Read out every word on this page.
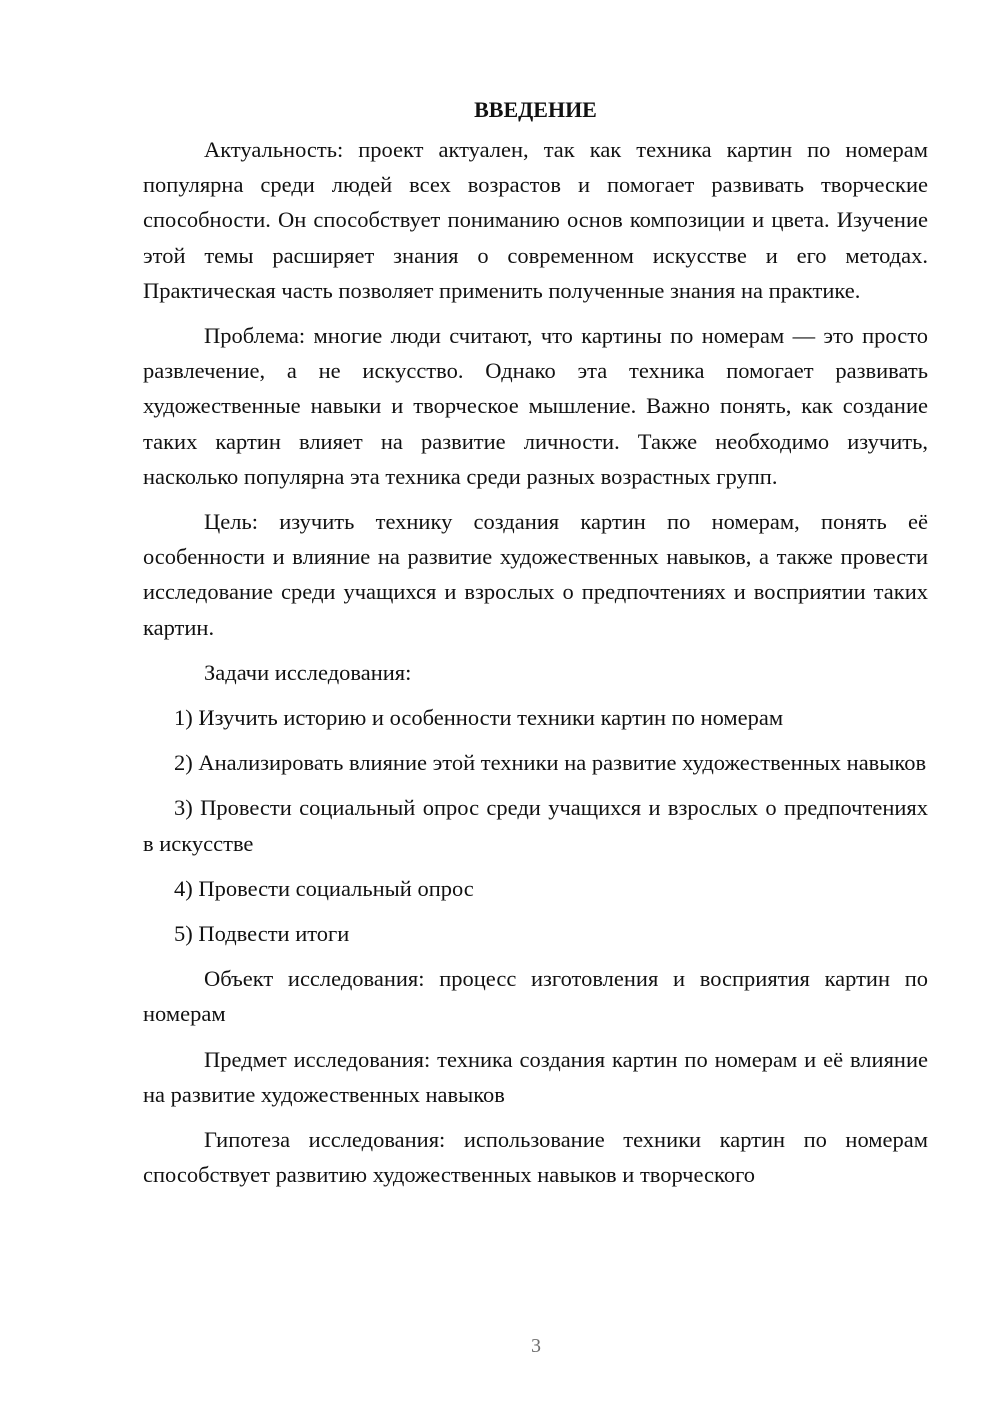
ВВЕДЕНИЕ

Актуальность: проект актуален, так как техника картин по номерам популярна среди людей всех возрастов и помогает развивать творческие способности. Он способствует пониманию основ композиции и цвета. Изучение этой темы расширяет знания о современном искусстве и его методах. Практическая часть позволяет применить полученные знания на практике.

Проблема: многие люди считают, что картины по номерам — это просто развлечение, а не искусство. Однако эта техника помогает развивать художественные навыки и творческое мышление. Важно понять, как создание таких картин влияет на развитие личности. Также необходимо изучить, насколько популярна эта техника среди разных возрастных групп.

Цель: изучить технику создания картин по номерам, понять её особенности и влияние на развитие художественных навыков, а также провести исследование среди учащихся и взрослых о предпочтениях и восприятии таких картин.

Задачи исследования:

1) Изучить историю и особенности техники картин по номерам

2) Анализировать влияние этой техники на развитие художественных навыков

3) Провести социальный опрос среди учащихся и взрослых о предпочтениях в искусстве

4) Провести социальный опрос

5) Подвести итоги

Объект исследования: процесс изготовления и восприятия картин по номерам

Предмет исследования: техника создания картин по номерам и её влияние на развитие художественных навыков

Гипотеза исследования: использование техники картин по номерам способствует развитию художественных навыков и творческого

3
